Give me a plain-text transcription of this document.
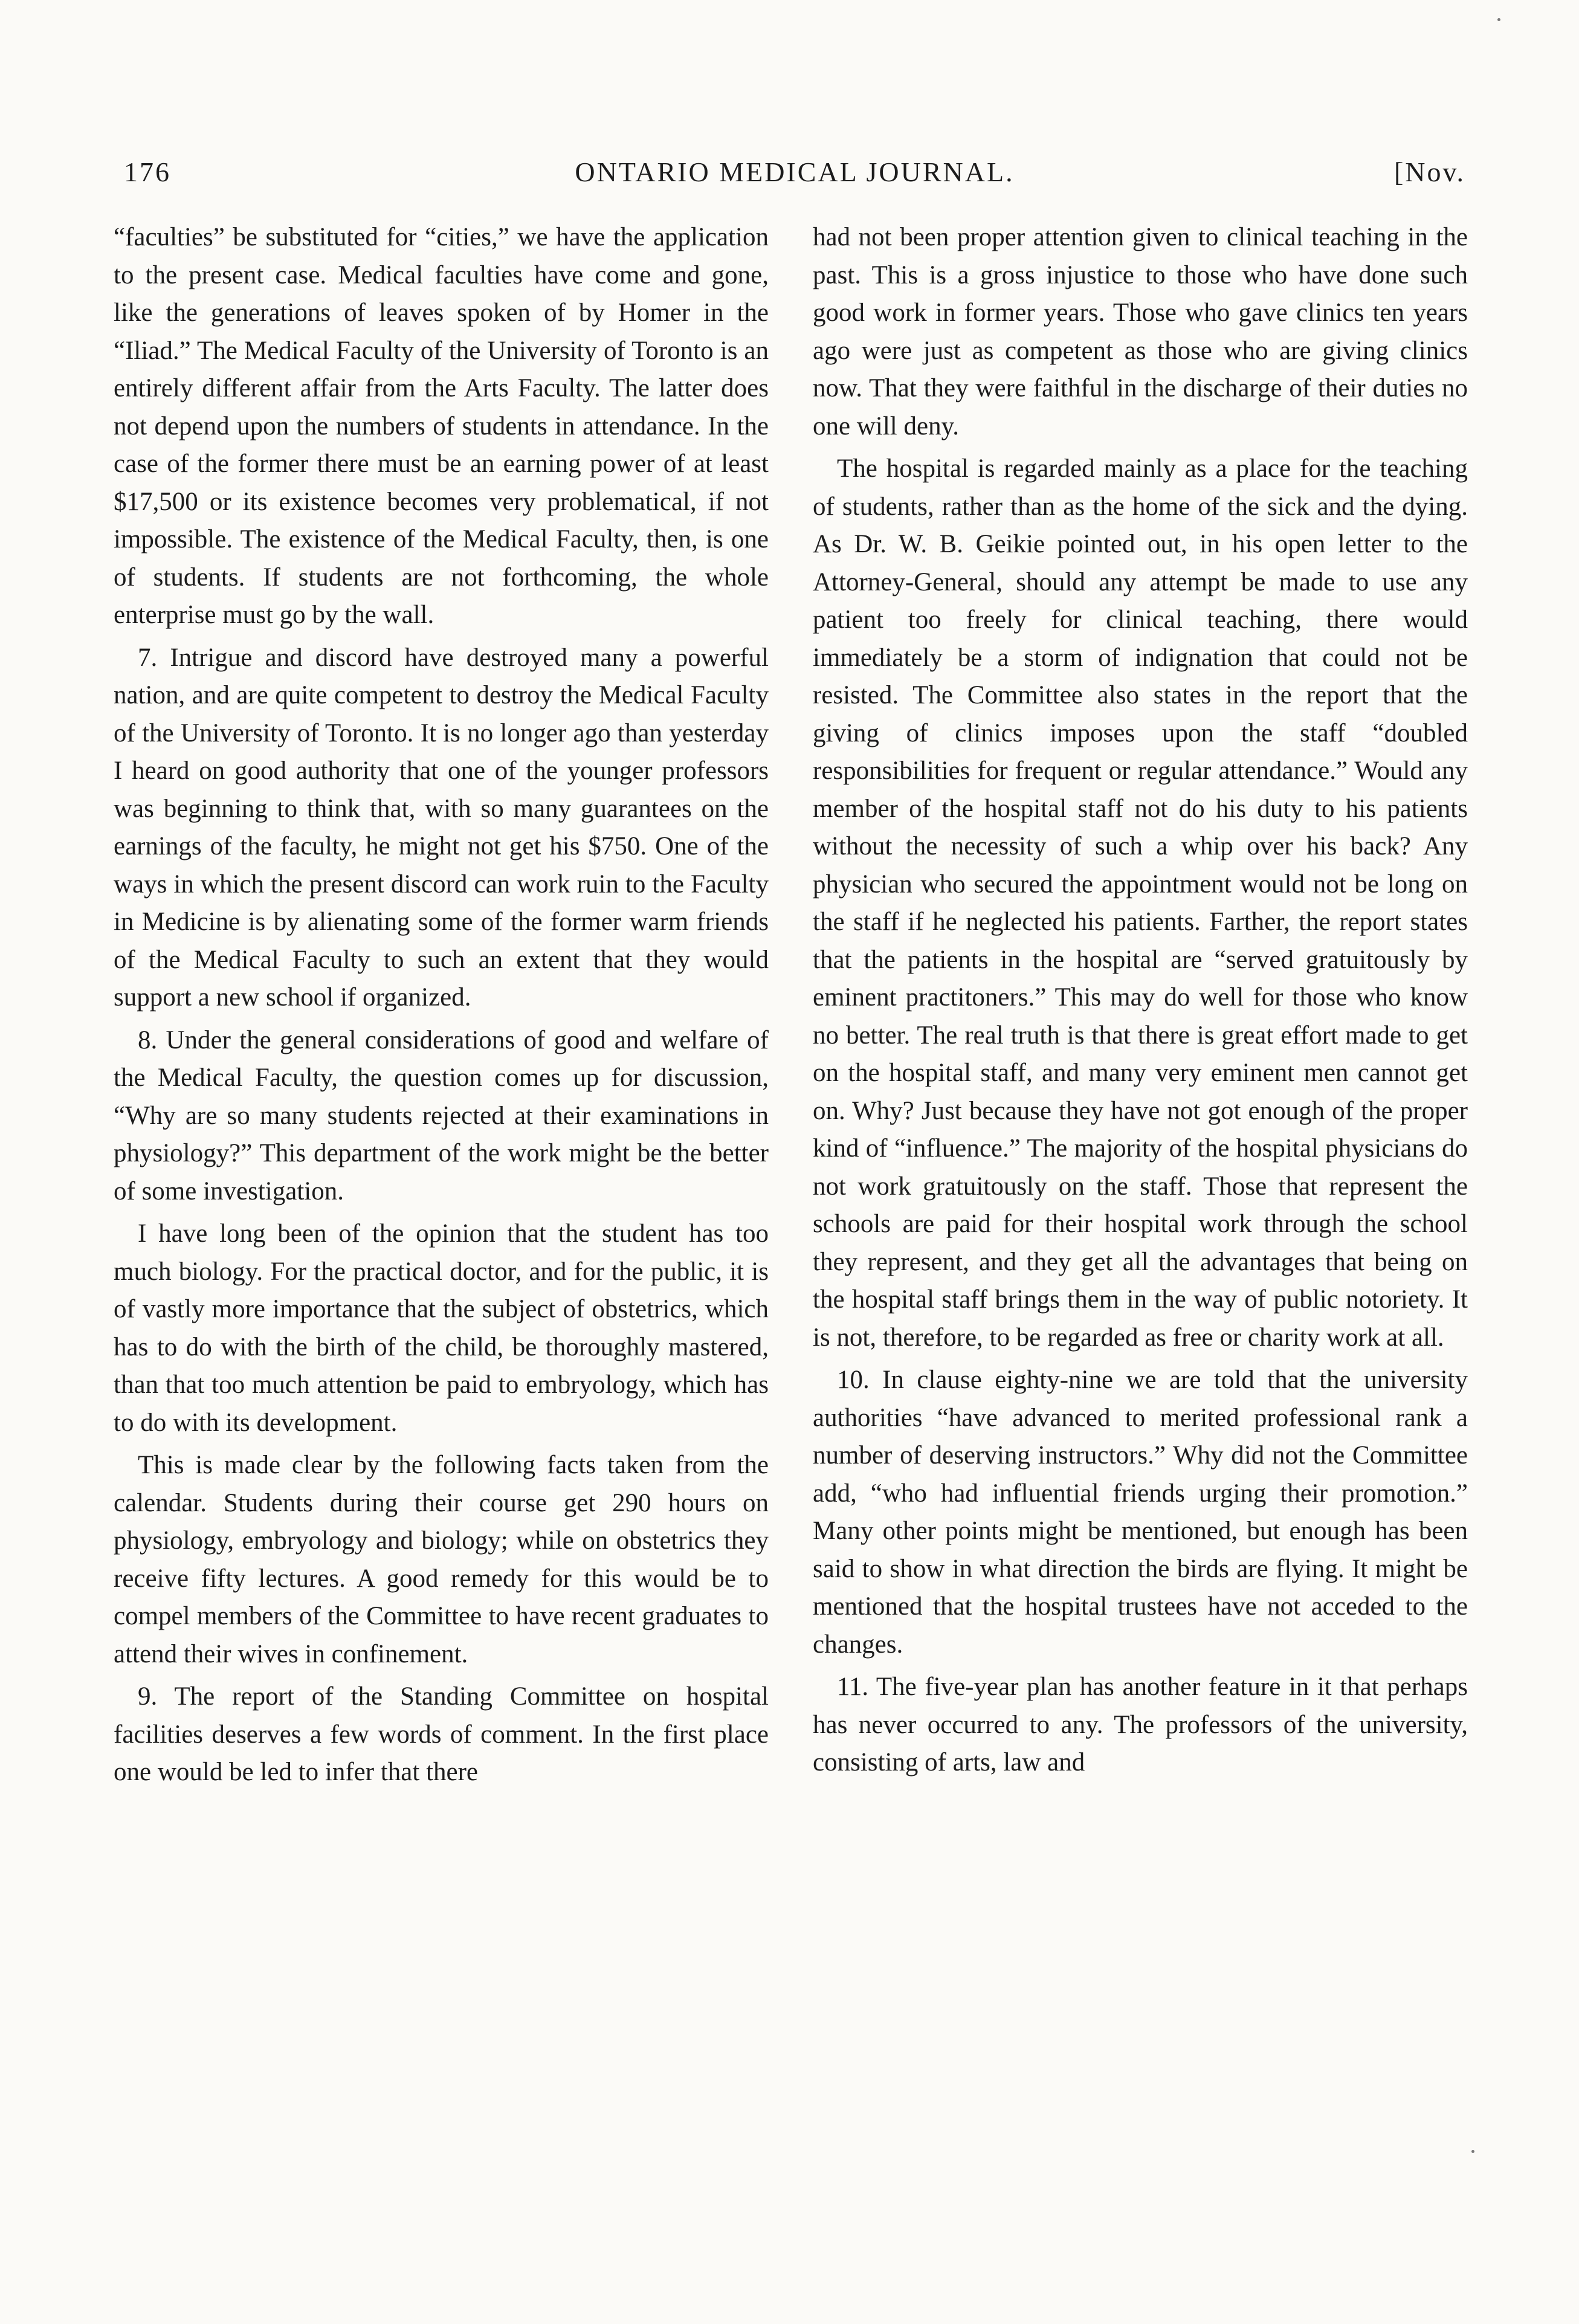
176	ONTARIO MEDICAL JOURNAL.	[Nov.

“faculties” be substituted for “cities,” we have the application to the present case. Medical faculties have come and gone, like the generations of leaves spoken of by Homer in the “Iliad.” The Medical Faculty of the University of Toronto is an entirely different affair from the Arts Faculty. The latter does not depend upon the numbers of students in attendance. In the case of the former there must be an earning power of at least $17,500 or its existence becomes very problematical, if not impossible. The existence of the Medical Faculty, then, is one of students. If students are not forthcoming, the whole enterprise must go by the wall.

7. Intrigue and discord have destroyed many a powerful nation, and are quite competent to destroy the Medical Faculty of the University of Toronto. It is no longer ago than yesterday I heard on good authority that one of the younger professors was beginning to think that, with so many guarantees on the earnings of the faculty, he might not get his $750. One of the ways in which the present discord can work ruin to the Faculty in Medicine is by alienating some of the former warm friends of the Medical Faculty to such an extent that they would support a new school if organized.

8. Under the general considerations of good and welfare of the Medical Faculty, the question comes up for discussion, “Why are so many students rejected at their examinations in physiology?” This department of the work might be the better of some investigation.

I have long been of the opinion that the student has too much biology. For the practical doctor, and for the public, it is of vastly more importance that the subject of obstetrics, which has to do with the birth of the child, be thoroughly mastered, than that too much attention be paid to embryology, which has to do with its development.

This is made clear by the following facts taken from the calendar. Students during their course get 290 hours on physiology, embryology and biology; while on obstetrics they receive fifty lectures. A good remedy for this would be to compel members of the Committee to have recent graduates to attend their wives in confinement.

9. The report of the Standing Committee on hospital facilities deserves a few words of comment. In the first place one would be led to infer that there

had not been proper attention given to clinical teaching in the past. This is a gross injustice to those who have done such good work in former years. Those who gave clinics ten years ago were just as competent as those who are giving clinics now. That they were faithful in the discharge of their duties no one will deny.

The hospital is regarded mainly as a place for the teaching of students, rather than as the home of the sick and the dying. As Dr. W. B. Geikie pointed out, in his open letter to the Attorney-General, should any attempt be made to use any patient too freely for clinical teaching, there would immediately be a storm of indignation that could not be resisted. The Committee also states in the report that the giving of clinics imposes upon the staff “doubled responsibilities for frequent or regular attendance.” Would any member of the hospital staff not do his duty to his patients without the necessity of such a whip over his back? Any physician who secured the appointment would not be long on the staff if he neglected his patients. Farther, the report states that the patients in the hospital are “served gratuitously by eminent practitoners.” This may do well for those who know no better. The real truth is that there is great effort made to get on the hospital staff, and many very eminent men cannot get on. Why? Just because they have not got enough of the proper kind of “influence.” The majority of the hospital physicians do not work gratuitously on the staff. Those that represent the schools are paid for their hospital work through the school they represent, and they get all the advantages that being on the hospital staff brings them in the way of public notoriety. It is not, therefore, to be regarded as free or charity work at all.

10. In clause eighty-nine we are told that the university authorities “have advanced to merited professional rank a number of deserving instructors.” Why did not the Committee add, “who had influential friends urging their promotion.” Many other points might be mentioned, but enough has been said to show in what direction the birds are flying. It might be mentioned that the hospital trustees have not acceded to the changes.

11. The five-year plan has another feature in it that perhaps has never occurred to any. The professors of the university, consisting of arts, law and
